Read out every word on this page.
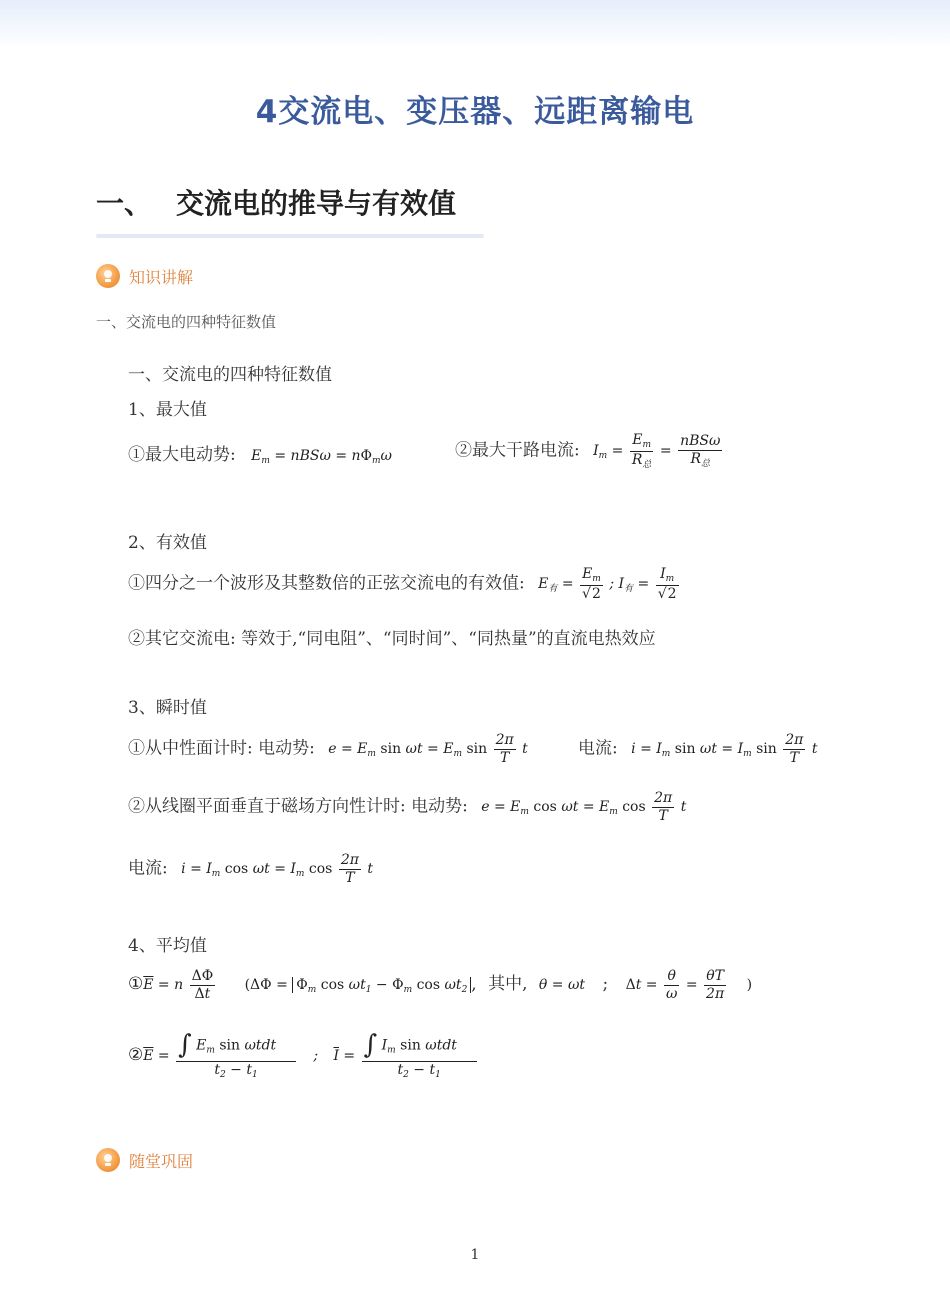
4交流电、变压器、远距离输电
一、 交流电的推导与有效值
知识讲解
一、交流电的四种特征数值
一、交流电的四种特征数值
1、最大值
①最大电动势: $E_m = nBS\omega = n\Phi_m\omega$	②最大干路电流: $I_m = \frac{E_m}{R_总} = \frac{\text{nBSω}}{R_总}$
2、有效值
①四分之一个波形及其整数倍的正弦交流电的有效值: $E_有 = \frac{E_m}{√2}$ ; $I_有 = \frac{I_m}{√2}$
②其它交流电: 等效于,“同电阻”、“同时间”、“同热量”的直流电热效应
3、瞬时值
①从中性面计时: 电动势: $e = E_m$ $\sin \omega t = E_m$ $\sin \frac{2\pi}{T}$ t	电流: $i = I_m$ $\sin \omega t = I_m$ $\sin \frac{2\pi}{T}$ t
②从线圈平面垂直于磁场方向性计时: 电动势: $e = E_m$ $\cos \omega t = E_m$ $\cos \frac{2\pi}{T}$ t
电流: $i = I_m$ $\cos \omega t = I_m$ $\cos \frac{2\pi}{T}$ t
4、平均值
$①\overline{E} = n \frac{\Delta\Phi}{\Delta t} (\Delta\Phi = \Phi_m$ $\cos \omega t_1 - \Phi_m$ $\cos \omega t_2$ , 其中, θ = ωt ; $\Delta t = \frac{\theta}{\omega} = \frac{\theta T}{2\pi}$ )
$②\overline{E} = \frac{\int E_m \sin \omega tdt}{t_2 - t_1}$ ; $\overline{I} = \frac{\int I_m \sin \omega tdt}{t_2 - t_1}$
随堂巩固
1
